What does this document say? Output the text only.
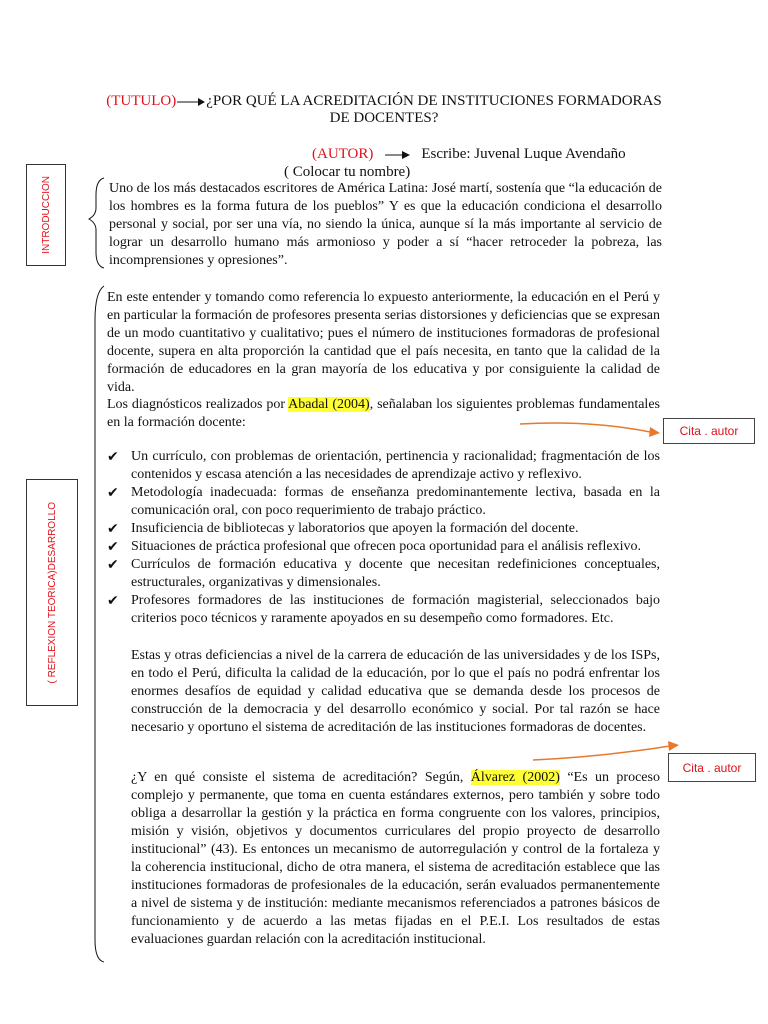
(TUTULO) ¿POR QUÉ LA ACREDITACIÓN DE INSTITUCIONES FORMADORAS DE DOCENTES?
(AUTOR)	Escribe: Juvenal Luque Avendaño
( Colocar tu nombre)
INTRODUCCION
( REFLEXION TEORICA)DESARROLLO
Cita . autor
Cita . autor
Uno de los más destacados escritores de América Latina: José martí, sostenía que “la educación de los hombres es la forma futura de los pueblos” Y es que la educación condiciona el desarrollo personal y social, por ser una vía, no siendo la única, aunque sí la más importante al servicio de lograr un desarrollo humano más armonioso y poder a sí “hacer retroceder la pobreza, las incomprensiones y opresiones”.
En este entender y tomando como referencia lo expuesto anteriormente, la educación en el Perú y en particular la formación de profesores presenta serias distorsiones y deficiencias que se expresan de un modo cuantitativo y cualitativo; pues el número de instituciones formadoras de profesional docente, supera en alta proporción la cantidad que el país necesita, en tanto que la calidad de la formación de educadores en la gran mayoría de los educativa y por consiguiente la calidad de vida.
Los diagnósticos realizados por Abadal (2004), señalaban los siguientes problemas fundamentales en la formación docente:
✔ Un currículo, con problemas de orientación, pertinencia y racionalidad; fragmentación de los contenidos y escasa atención a las necesidades de aprendizaje activo y reflexivo.
✔ Metodología inadecuada: formas de enseñanza predominantemente lectiva, basada en la comunicación oral, con poco requerimiento de trabajo práctico.
✔ Insuficiencia de bibliotecas y laboratorios que apoyen la formación del docente.
✔ Situaciones de práctica profesional que ofrecen poca oportunidad para el análisis reflexivo.
✔ Currículos de formación educativa y docente que necesitan redefiniciones conceptuales, estructurales, organizativas y dimensionales.
✔ Profesores formadores de las instituciones de formación magisterial, seleccionados bajo criterios poco técnicos y raramente apoyados en su desempeño como formadores. Etc.
Estas y otras deficiencias a nivel de la carrera de educación de las universidades y de los ISPs, en todo el Perú, dificulta la calidad de la educación, por lo que el país no podrá enfrentar los enormes desafíos de equidad y calidad educativa que se demanda desde los procesos de construcción de la democracia y del desarrollo económico y social. Por tal razón se hace necesario y oportuno el sistema de acreditación de las instituciones formadoras de docentes.
¿Y en qué consiste el sistema de acreditación? Según, Álvarez (2002) “Es un proceso complejo y permanente, que toma en cuenta estándares externos, pero también y sobre todo obliga a desarrollar la gestión y la práctica en forma congruente con los valores, principios, misión y visión, objetivos y documentos curriculares del propio proyecto de desarrollo institucional” (43). Es entonces un mecanismo de autorregulación y control de la fortaleza y la coherencia institucional, dicho de otra manera, el sistema de acreditación establece que las instituciones formadoras de profesionales de la educación, serán evaluados permanentemente a nivel de sistema y de institución: mediante mecanismos referenciados a patrones básicos de funcionamiento y de acuerdo a las metas fijadas en el P.E.I. Los resultados de estas evaluaciones guardan relación con la acreditación institucional.
